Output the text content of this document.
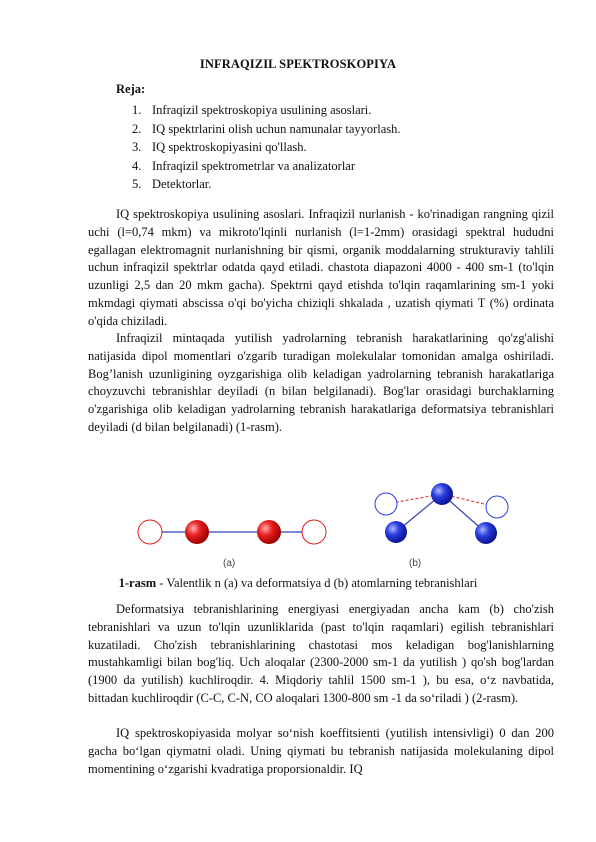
INFRAQIZIL SPEKTROSKOPIYA
Reja:
1. Infraqizil spektroskopiya usulining asoslari.
2. IQ spektrlarini olish uchun namunalar tayyorlash.
3. IQ spektroskopiyasini qo'llash.
4. Infraqizil spektrometrlar va analizatorlar
5. Detektorlar.

IQ spektroskopiya usulining asoslari. Infraqizil nurlanish - ko'rinadigan rangning qizil uchi (l=0,74 mkm) va mikroto'lqinli nurlanish (l=1-2mm) orasidagi spektral hududni egallagan elektromagnit nurlanishning bir qismi, organik moddalarning strukturaviy tahlili uchun infraqizil spektrlar odatda qayd etiladi. chastota diapazoni 4000 - 400 sm-1 (to'lqin uzunligi 2,5 dan 20 mkm gacha). Spektrni qayd etishda to'lqin raqamlarining sm-1 yoki mkmdagi qiymati abscissa o'qi bo'yicha chiziqli shkalada , uzatish qiymati T (%) ordinata o'qida chiziladi.

Infraqizil mintaqada yutilish yadrolarning tebranish harakatlarining qo'zg'alishi natijasida dipol momentlari o'zgarib turadigan molekulalar tomonidan amalga oshiriladi. Bog’lanish uzunligining oyzgarishiga olib keladigan yadrolarning tebranish harakatlariga choyzuvchi tebranishlar deyiladi (n bilan belgilanadi). Bog'lar orasidagi burchaklarning o'zgarishiga olib keladigan yadrolarning tebranish harakatlariga deformatsiya tebranishlari deyiladi (d bilan belgilanadi) (1-rasm).

(a)	(b)
1-rasm - Valentlik n (a) va deformatsiya d (b) atomlarning tebranishlari

Deformatsiya tebranishlarining energiyasi energiyadan ancha kam (b) cho'zish tebranishlari va uzun to'lqin uzunliklarida (past to'lqin raqamlari) egilish tebranishlari kuzatiladi. Cho'zish tebranishlarining chastotasi mos keladigan bog'lanishlarning mustahkamligi bilan bog'liq. Uch aloqalar (2300-2000 sm-1 da yutilish ) qo'sh bog'lardan (1900 da yutilish) kuchliroqdir. 4. Miqdoriy tahlil 1500 sm-1 ), bu esa, o‘z navbatida, bittadan kuchliroqdir (C-C, C-N, CO aloqalari 1300-800 sm -1 da so‘riladi ) (2-rasm).

IQ spektroskopiyasida molyar so‘nish koeffitsienti (yutilish intensivligi) 0 dan 200 gacha bo‘lgan qiymatni oladi. Uning qiymati bu tebranish natijasida molekulaning dipol momentining o‘zgarishi kvadratiga proporsionaldir. IQ
